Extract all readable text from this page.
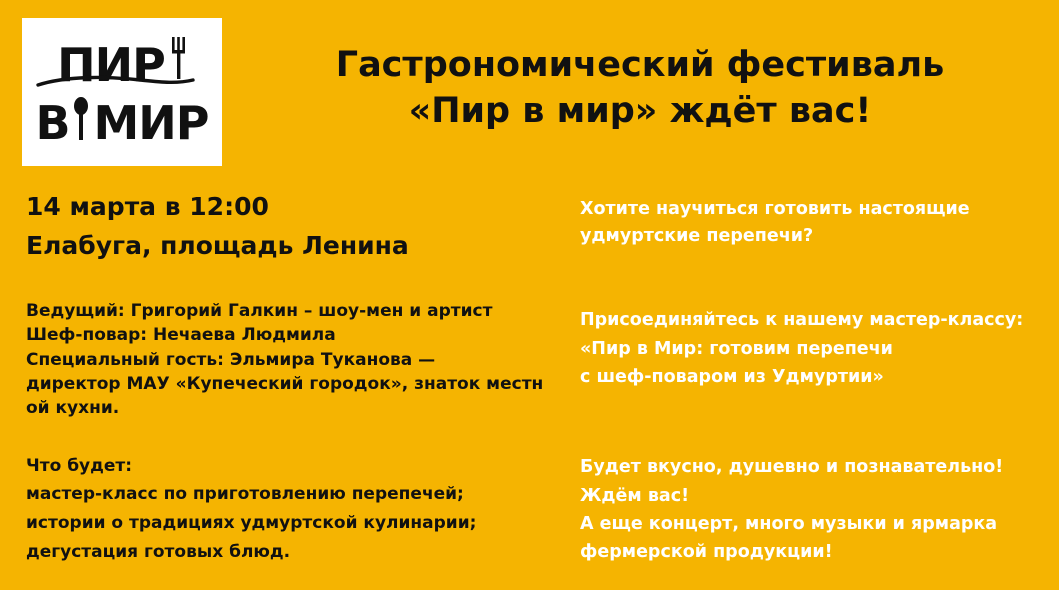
ПИР
В МИР
Гастрономический фестиваль
«Пир в мир» ждёт вас!
14 марта в 12:00
Елабуга, площадь Ленина
Ведущий: Григорий Галкин – шоу-мен и артист
Шеф-повар: Нечаева Людмила
Специальный гость: Эльмира Туканова —
директор МАУ «Купеческий городок», знаток местн
ой кухни.
Что будет:
мастер-класс по приготовлению перепечей;
истории о традициях удмуртской кулинарии;
дегустация готовых блюд.
Хотите научиться готовить настоящие
удмуртские перепечи?
Присоединяйтесь к нашему мастер-классу:
«Пир в Мир: готовим перепечи
с шеф-поваром из Удмуртии»
Будет вкусно, душевно и познавательно!
Ждём вас!
А еще концерт, много музыки и ярмарка
фермерской продукции!
